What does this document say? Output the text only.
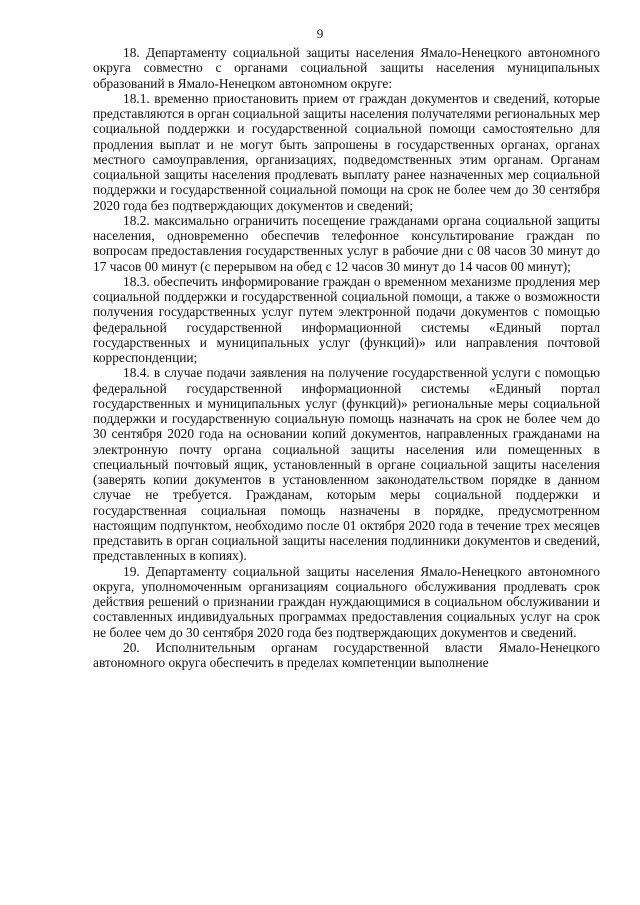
9

18. Департаменту социальной защиты населения Ямало-Ненецкого автономного округа совместно с органами социальной защиты населения муниципальных образований в Ямало-Ненецком автономном округе:

18.1. временно приостановить прием от граждан документов и сведений, которые представляются в орган социальной защиты населения получателями региональных мер социальной поддержки и государственной социальной помощи самостоятельно для продления выплат и не могут быть запрошены в государственных органах, органах местного самоуправления, организациях, подведомственных этим органам. Органам социальной защиты населения продлевать выплату ранее назначенных мер социальной поддержки и государственной социальной помощи на срок не более чем до 30 сентября 2020 года без подтверждающих документов и сведений;

18.2. максимально ограничить посещение гражданами органа социальной защиты населения, одновременно обеспечив телефонное консультирование граждан по вопросам предоставления государственных услуг в рабочие дни с 08 часов 30 минут до 17 часов 00 минут (с перерывом на обед с 12 часов 30 минут до 14 часов 00 минут);

18.3. обеспечить информирование граждан о временном механизме продления мер социальной поддержки и государственной социальной помощи, а также о возможности получения государственных услуг путем электронной подачи документов с помощью федеральной государственной информационной системы «Единый портал государственных и муниципальных услуг (функций)» или направления почтовой корреспонденции;

18.4. в случае подачи заявления на получение государственной услуги с помощью федеральной государственной информационной системы «Единый портал государственных и муниципальных услуг (функций)» региональные меры социальной поддержки и государственную социальную помощь назначать на срок не более чем до 30 сентября 2020 года на основании копий документов, направленных гражданами на электронную почту органа социальной защиты населения или помещенных в специальный почтовый ящик, установленный в органе социальной защиты населения (заверять копии документов в установленном законодательством порядке в данном случае не требуется. Гражданам, которым меры социальной поддержки и государственная социальная помощь назначены в порядке, предусмотренном настоящим подпунктом, необходимо после 01 октября 2020 года в течение трех месяцев представить в орган социальной защиты населения подлинники документов и сведений, представленных в копиях).

19. Департаменту социальной защиты населения Ямало-Ненецкого автономного округа, уполномоченным организациям социального обслуживания продлевать срок действия решений о признании граждан нуждающимися в социальном обслуживании и составленных индивидуальных программах предоставления социальных услуг на срок не более чем до 30 сентября 2020 года без подтверждающих документов и сведений.

20. Исполнительным органам государственной власти Ямало-Ненецкого автономного округа обеспечить в пределах компетенции выполнение
